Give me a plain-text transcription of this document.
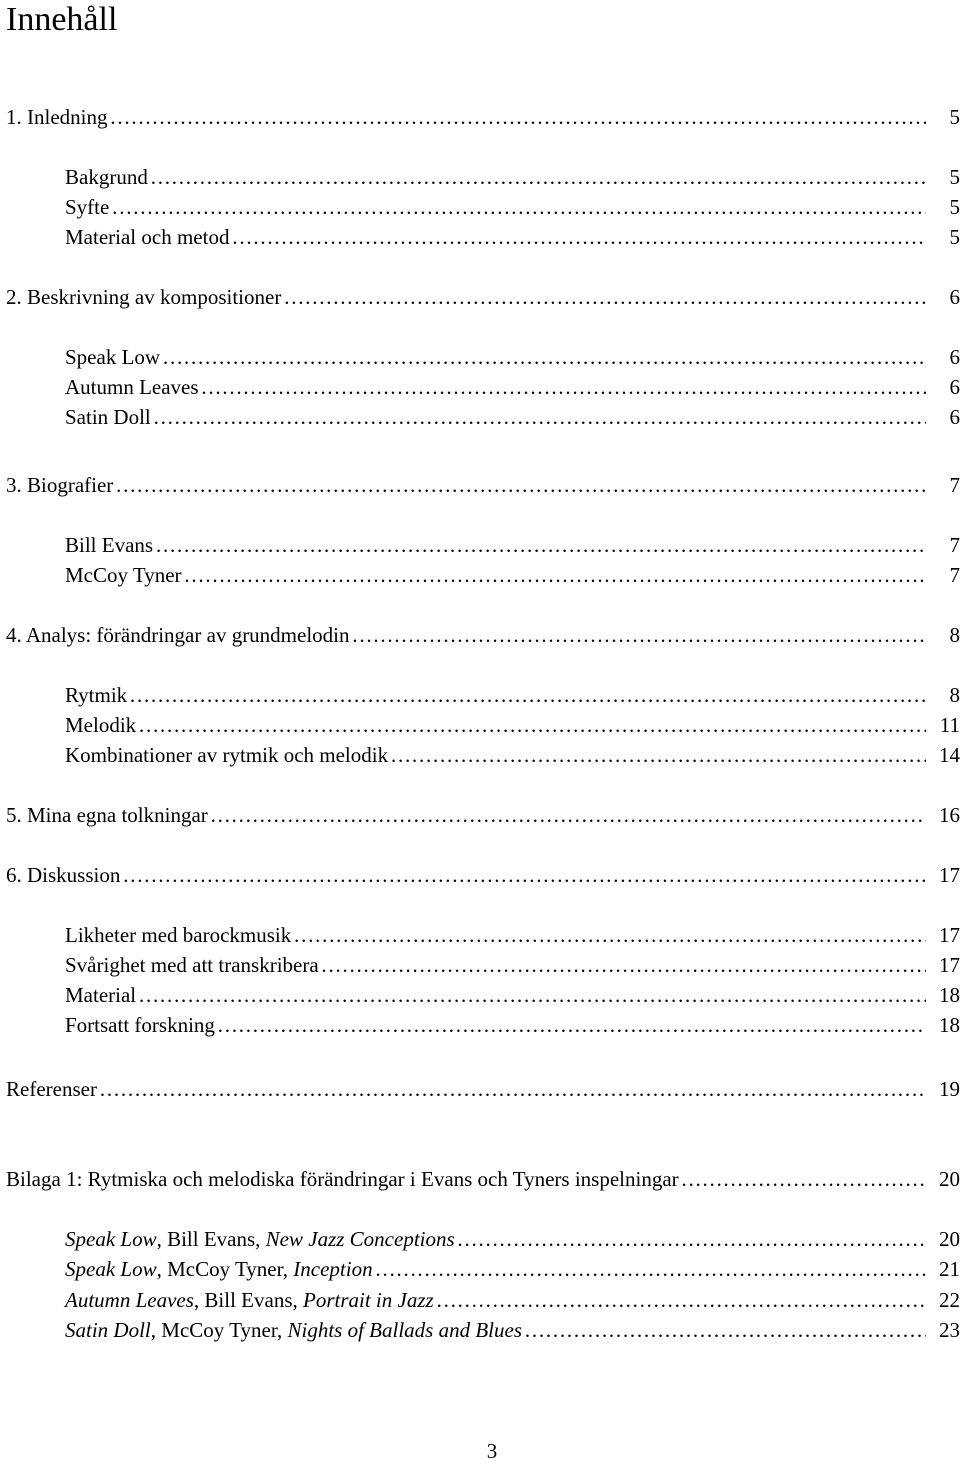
Innehåll
1. Inledning …………………………………………………………………………………………………………………………………………………………………………………	5
Bakgrund …………………………………………………………………………………………………………………………………………………………………………………	5
Syfte …………………………………………………………………………………………………………………………………………………………………………………	5
Material och metod …………………………………………………………………………………………………………………………………………………………………………………	5
2. Beskrivning av kompositioner …………………………………………………………………………………………………………………………………………………………………………………	6
Speak Low …………………………………………………………………………………………………………………………………………………………………………………	6
Autumn Leaves …………………………………………………………………………………………………………………………………………………………………………………	6
Satin Doll …………………………………………………………………………………………………………………………………………………………………………………	6
3. Biografier …………………………………………………………………………………………………………………………………………………………………………………	7
Bill Evans …………………………………………………………………………………………………………………………………………………………………………………	7
McCoy Tyner …………………………………………………………………………………………………………………………………………………………………………………	7
4. Analys: förändringar av grundmelodin …………………………………………………………………………………………………………………………………………………………………………………	8
Rytmik …………………………………………………………………………………………………………………………………………………………………………………	8
Melodik …………………………………………………………………………………………………………………………………………………………………………………	11
Kombinationer av rytmik och melodik …………………………………………………………………………………………………………………………………………………………………………………	14
5. Mina egna tolkningar …………………………………………………………………………………………………………………………………………………………………………………	16
6. Diskussion …………………………………………………………………………………………………………………………………………………………………………………	17
Likheter med barockmusik …………………………………………………………………………………………………………………………………………………………………………………	17
Svårighet med att transkribera …………………………………………………………………………………………………………………………………………………………………………………	17
Material …………………………………………………………………………………………………………………………………………………………………………………	18
Fortsatt forskning …………………………………………………………………………………………………………………………………………………………………………………	18
Referenser …………………………………………………………………………………………………………………………………………………………………………………	19
Bilaga 1: Rytmiska och melodiska förändringar i Evans och Tyners inspelningar …………………………………………………………………………………………………………………………………………………………………………………	20
Speak Low, Bill Evans, New Jazz Conceptions …………………………………………………………………………………………………………………………………………………………………………………	20
Speak Low, McCoy Tyner, Inception …………………………………………………………………………………………………………………………………………………………………………………	21
Autumn Leaves, Bill Evans, Portrait in Jazz …………………………………………………………………………………………………………………………………………………………………………………	22
Satin Doll, McCoy Tyner, Nights of Ballads and Blues …………………………………………………………………………………………………………………………………………………………………………………	23
3
